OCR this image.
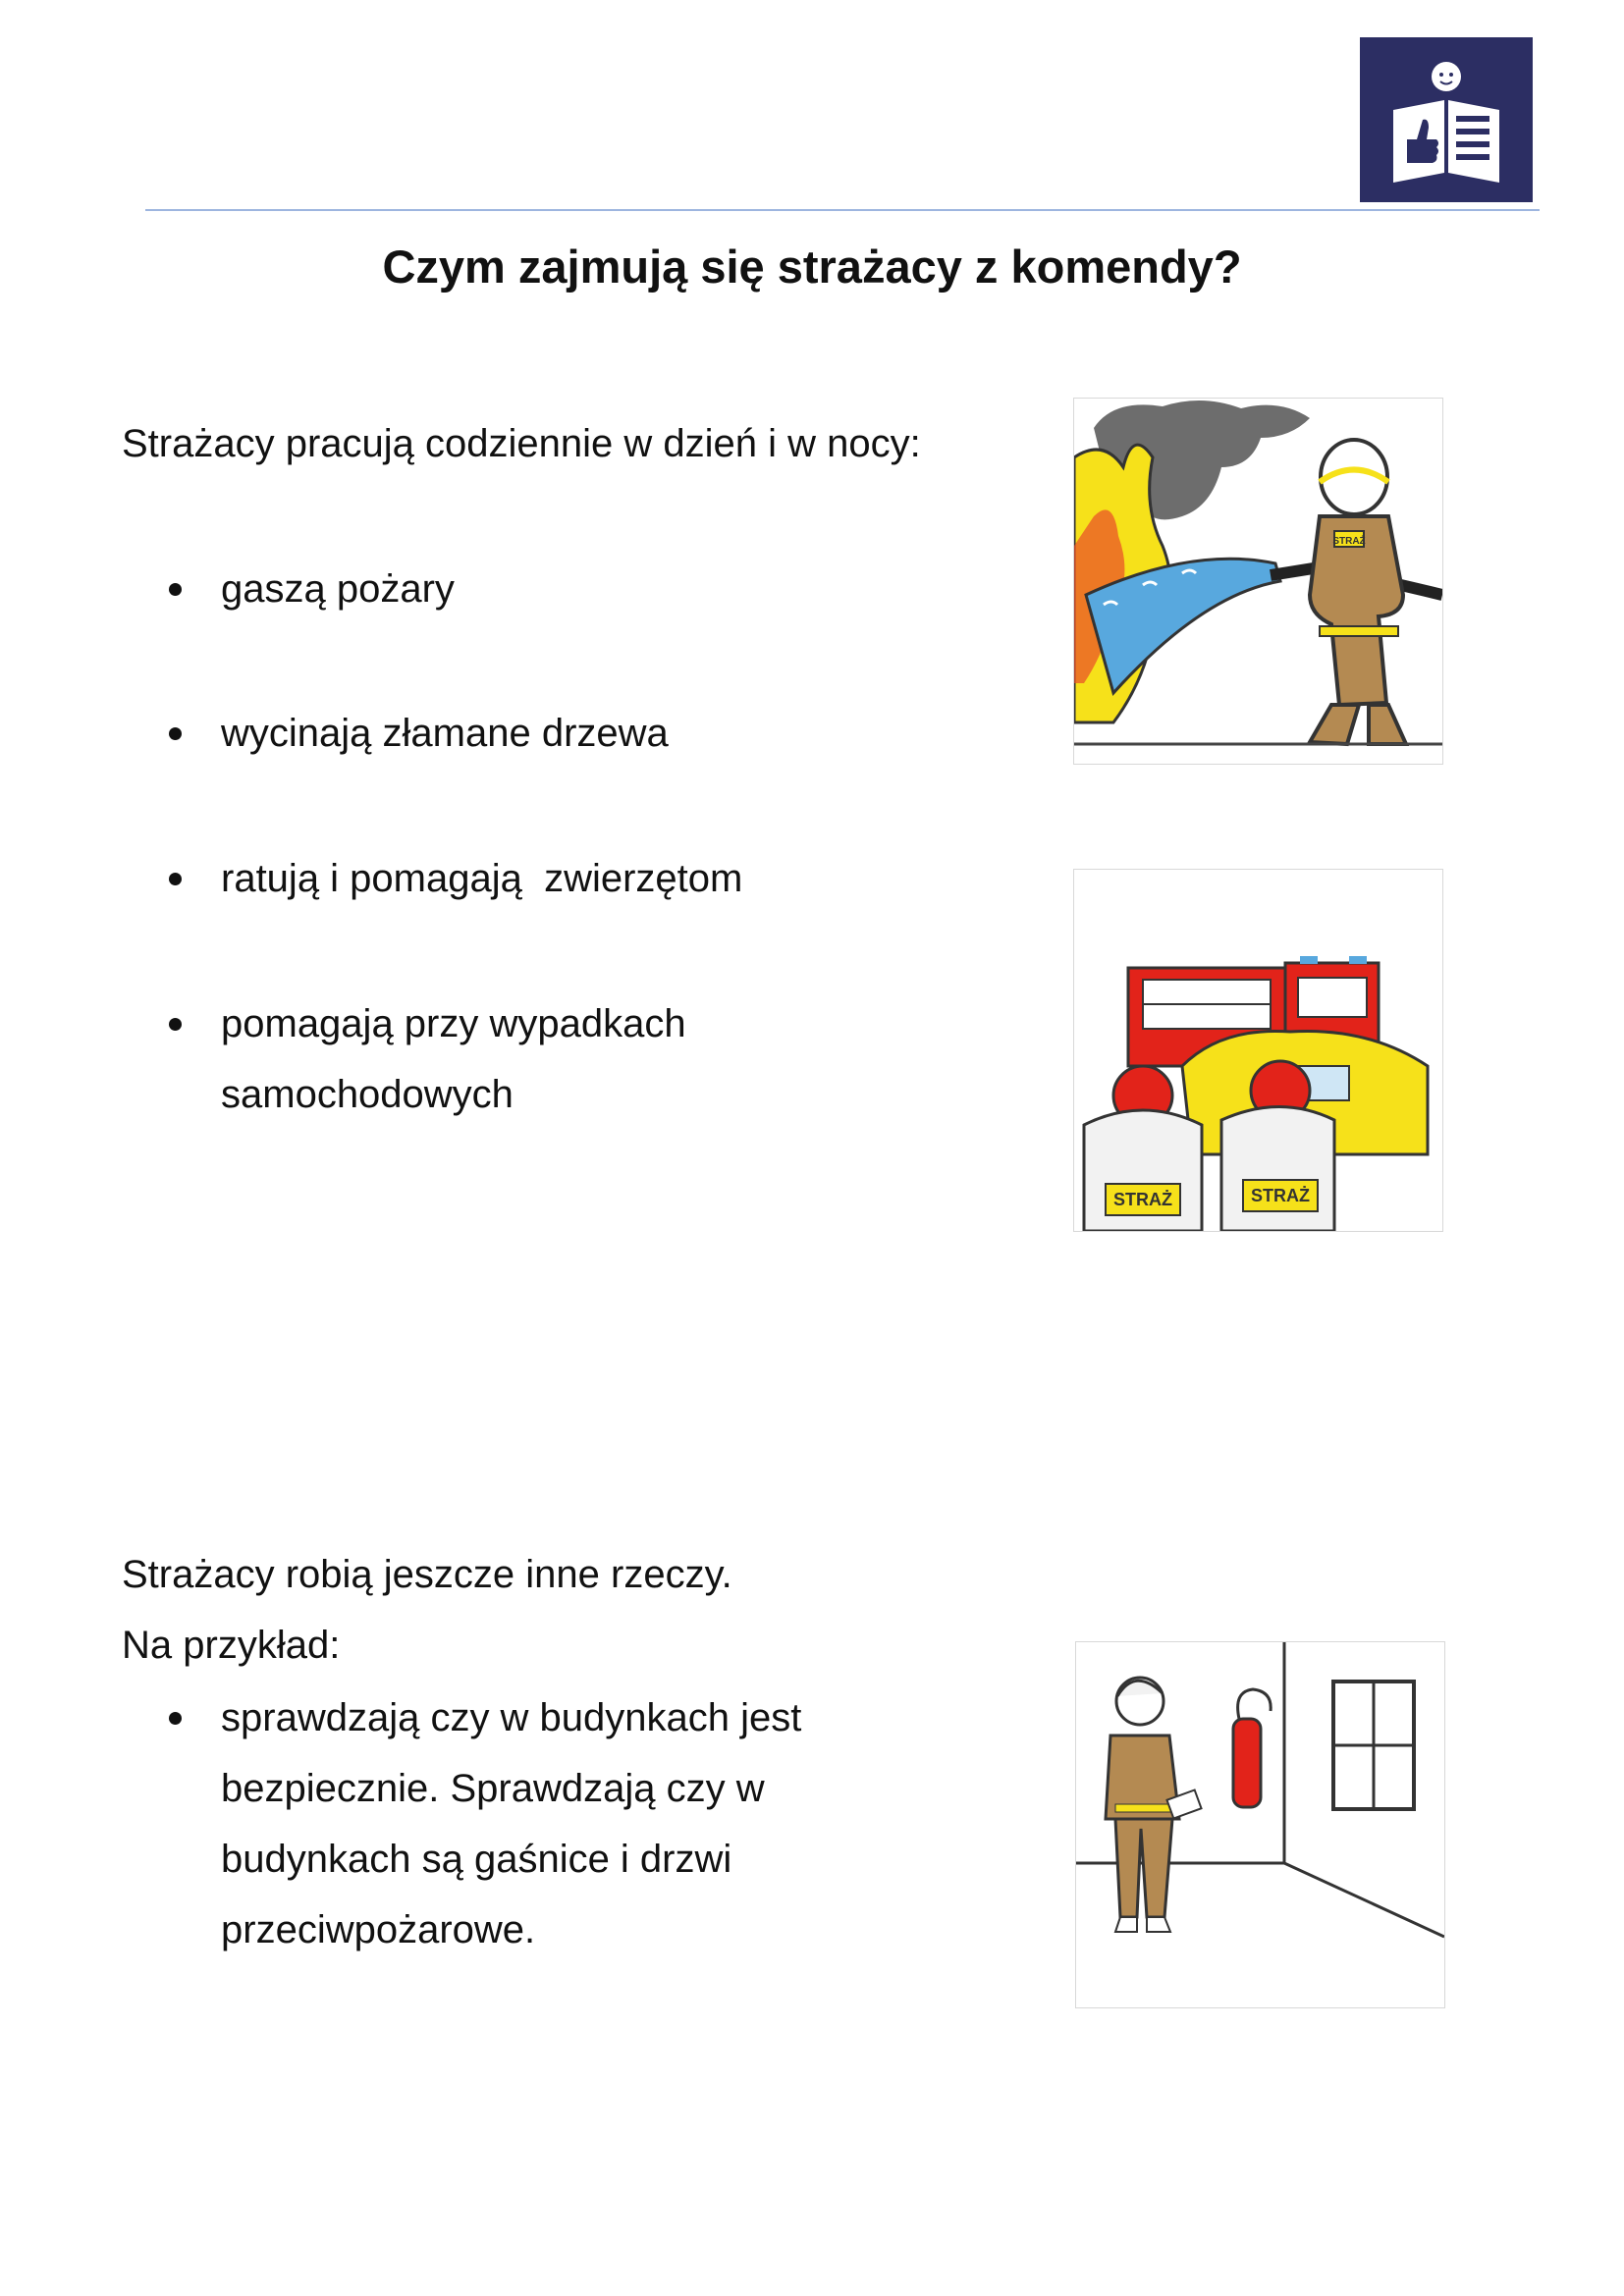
Czym zajmują się strażacy z komendy?
Strażacy pracują codziennie w dzień i w nocy:
gaszą pożary
wycinają złamane drzewa
ratują i pomagają  zwierzętom
pomagają przy wypadkach
samochodowych
Strażacy robią jeszcze inne rzeczy.
Na przykład:
sprawdzają czy w budynkach jest
bezpiecznie. Sprawdzają czy w
budynkach są gaśnice i drzwi
przeciwpożarowe.
STRAŻ
STRAŻ	STRAŻ
